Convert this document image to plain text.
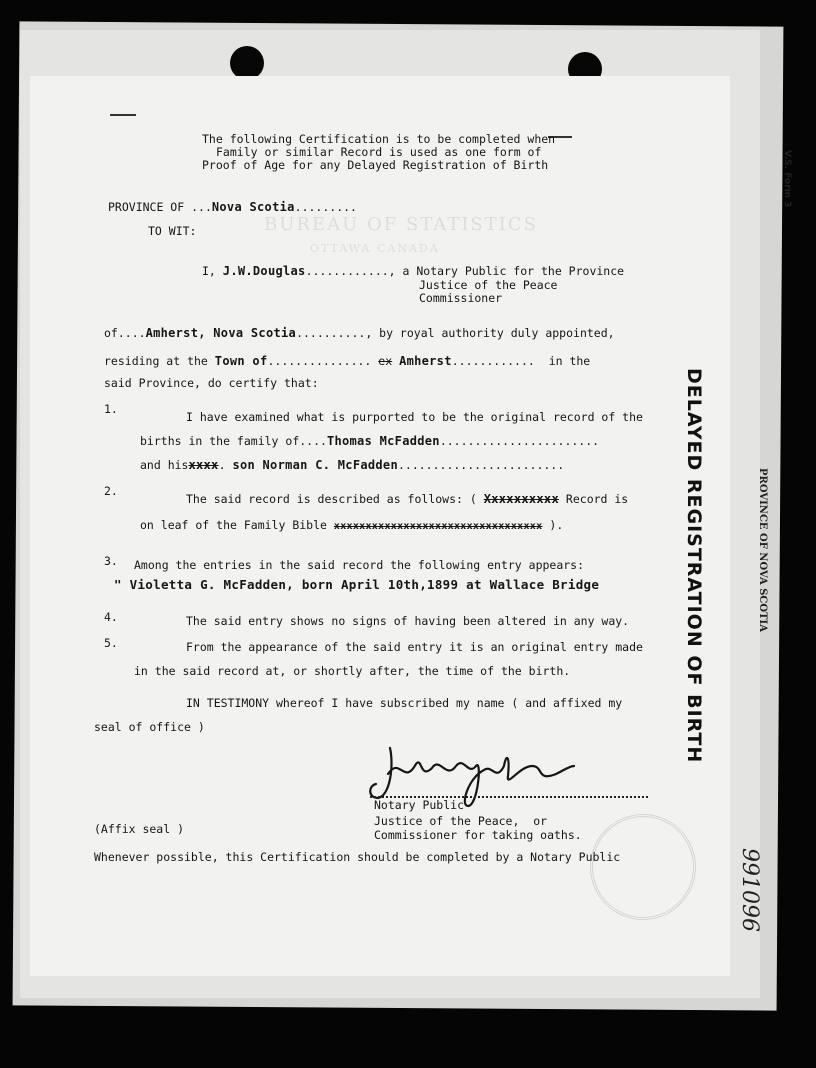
V.S. Form 3
991096
BUREAU OF STATISTICS
OTTAWA CANADA
The following Certification is to be completed when
Family or similar Record is used as one form of
Proof of Age for any Delayed Registration of Birth
PROVINCE OF ...Nova Scotia.........
TO WIT:
I, J.W.Douglas............, a Notary Public for the Province
Justice of the Peace
Commissioner
of....Amherst, Nova Scotia.........., by royal authority duly appointed,
residing at the Town of............... ex Amherst............  in the
said Province, do certify that:
1.
I have examined what is purported to be the original record of the
births in the family of....Thomas McFadden.......................
and hisxxxx. son Norman C. McFadden........................
2.
The said record is described as follows: ( Xxxxxxxxxx Record is
on leaf of the Family Bible xxxxxxxxxxxxxxxxxxxxxxxxxxxxxxxxx ).
3. Among the entries in the said record the following entry appears:
" Violetta G. McFadden, born April 10th,1899 at Wallace Bridge
4.	The said entry shows no signs of having been altered in any way.
5.	From the appearance of the said entry it is an original entry made
in the said record at, or shortly after, the time of the birth.
IN TESTIMONY whereof I have subscribed my name ( and affixed my
seal of office )
Notary Public
Justice of the Peace,  or
Commissioner for taking oaths.
(Affix seal )
Whenever possible, this Certification should be completed by a Notary Public
DELAYED REGISTRATION OF BIRTH	PROVINCE OF NOVA SCOTIA
